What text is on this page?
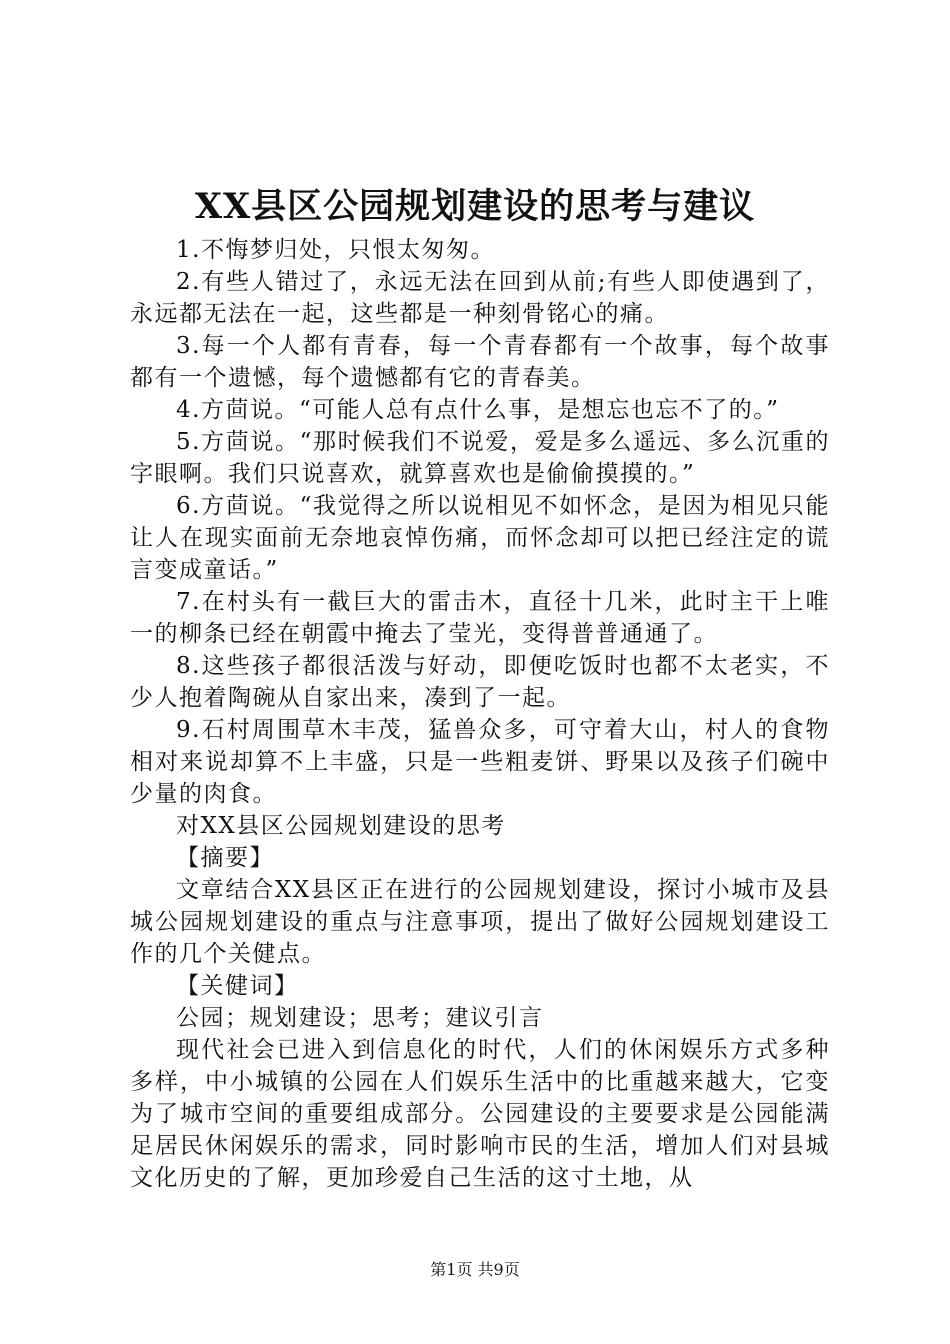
XX县区公园规划建设的思考与建议

1.不悔梦归处，只恨太匆匆。

2.有些人错过了，永远无法在回到从前;有些人即使遇到了，永远都无法在一起，这些都是一种刻骨铭心的痛。

3.每一个人都有青春，每一个青春都有一个故事，每个故事都有一个遗憾，每个遗憾都有它的青春美。

4.方茴说。“可能人总有点什么事，是想忘也忘不了的。”

5.方茴说。“那时候我们不说爱，爱是多么遥远、多么沉重的字眼啊。我们只说喜欢，就算喜欢也是偷偷摸摸的。”

6.方茴说。“我觉得之所以说相见不如怀念，是因为相见只能让人在现实面前无奈地哀悼伤痛，而怀念却可以把已经注定的谎言变成童话。”

7.在村头有一截巨大的雷击木，直径十几米，此时主干上唯一的柳条已经在朝霞中掩去了莹光，变得普普通通了。

8.这些孩子都很活泼与好动，即便吃饭时也都不太老实，不少人抱着陶碗从自家出来，凑到了一起。

9.石村周围草木丰茂，猛兽众多，可守着大山，村人的食物相对来说却算不上丰盛，只是一些粗麦饼、野果以及孩子们碗中少量的肉食。

对XX县区公园规划建设的思考

【摘要】

文章结合XX县区正在进行的公园规划建设，探讨小城市及县城公园规划建设的重点与注意事项，提出了做好公园规划建设工作的几个关健点。

【关健词】

公园；规划建设；思考；建议引言

现代社会已进入到信息化的时代，人们的休闲娱乐方式多种多样，中小城镇的公园在人们娱乐生活中的比重越来越大，它变为了城市空间的重要组成部分。公园建设的主要要求是公园能满足居民休闲娱乐的需求，同时影响市民的生活，增加人们对县城文化历史的了解，更加珍爱自己生活的这寸土地，从

第1页 共9页
